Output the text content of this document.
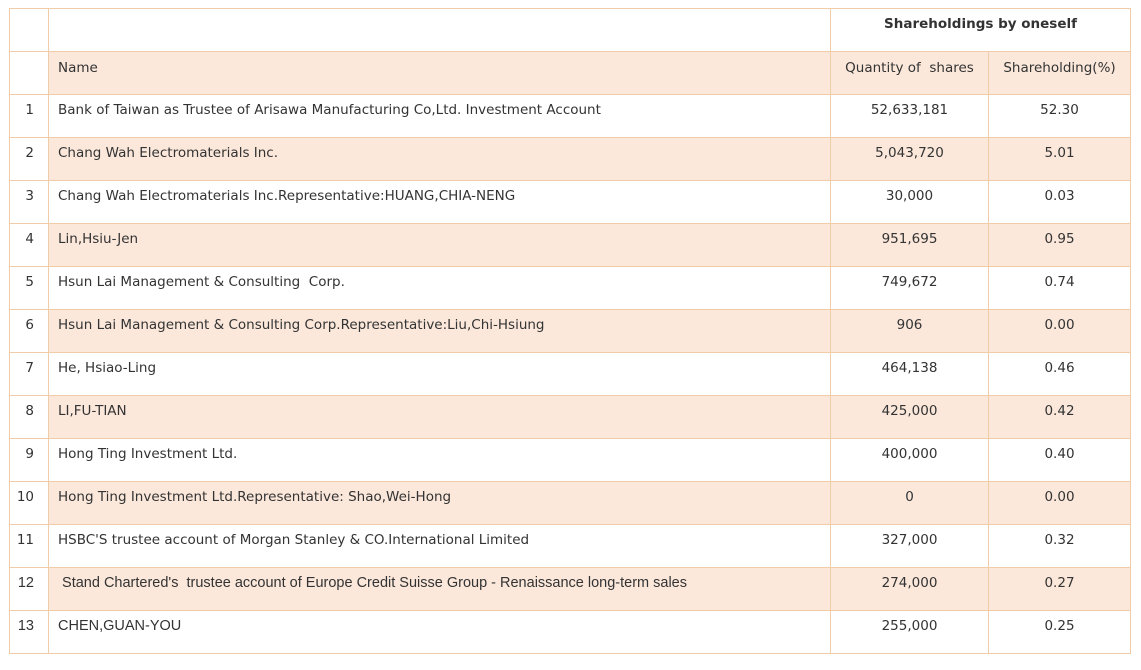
		Shareholdings by oneself	

	Name	Quantity of  shares	Shareholding(%)

1	Bank of Taiwan as Trustee of Arisawa Manufacturing Co,Ltd. Investment Account	52,633,181	52.30

2	Chang Wah Electromaterials Inc.	5,043,720	5.01

3	Chang Wah Electromaterials Inc.Representative:HUANG,CHIA-NENG	30,000	0.03

4	Lin,Hsiu-Jen	951,695	0.95

5	Hsun Lai Management & Consulting  Corp.	749,672	0.74

6	Hsun Lai Management & Consulting Corp.Representative:Liu,Chi-Hsiung	906	0.00

7	He, Hsiao-Ling	464,138	0.46

8	LI,FU-TIAN	425,000	0.42

9	Hong Ting Investment Ltd.	400,000	0.40

10	Hong Ting Investment Ltd.Representative: Shao,Wei-Hong	0	0.00

11	HSBC'S trustee account of Morgan Stanley & CO.International Limited	327,000	0.32

12	Stand Chartered's  trustee account of Europe Credit Suisse Group - Renaissance long-term sales	274,000	0.27

13	CHEN,GUAN-YOU	255,000	0.25
